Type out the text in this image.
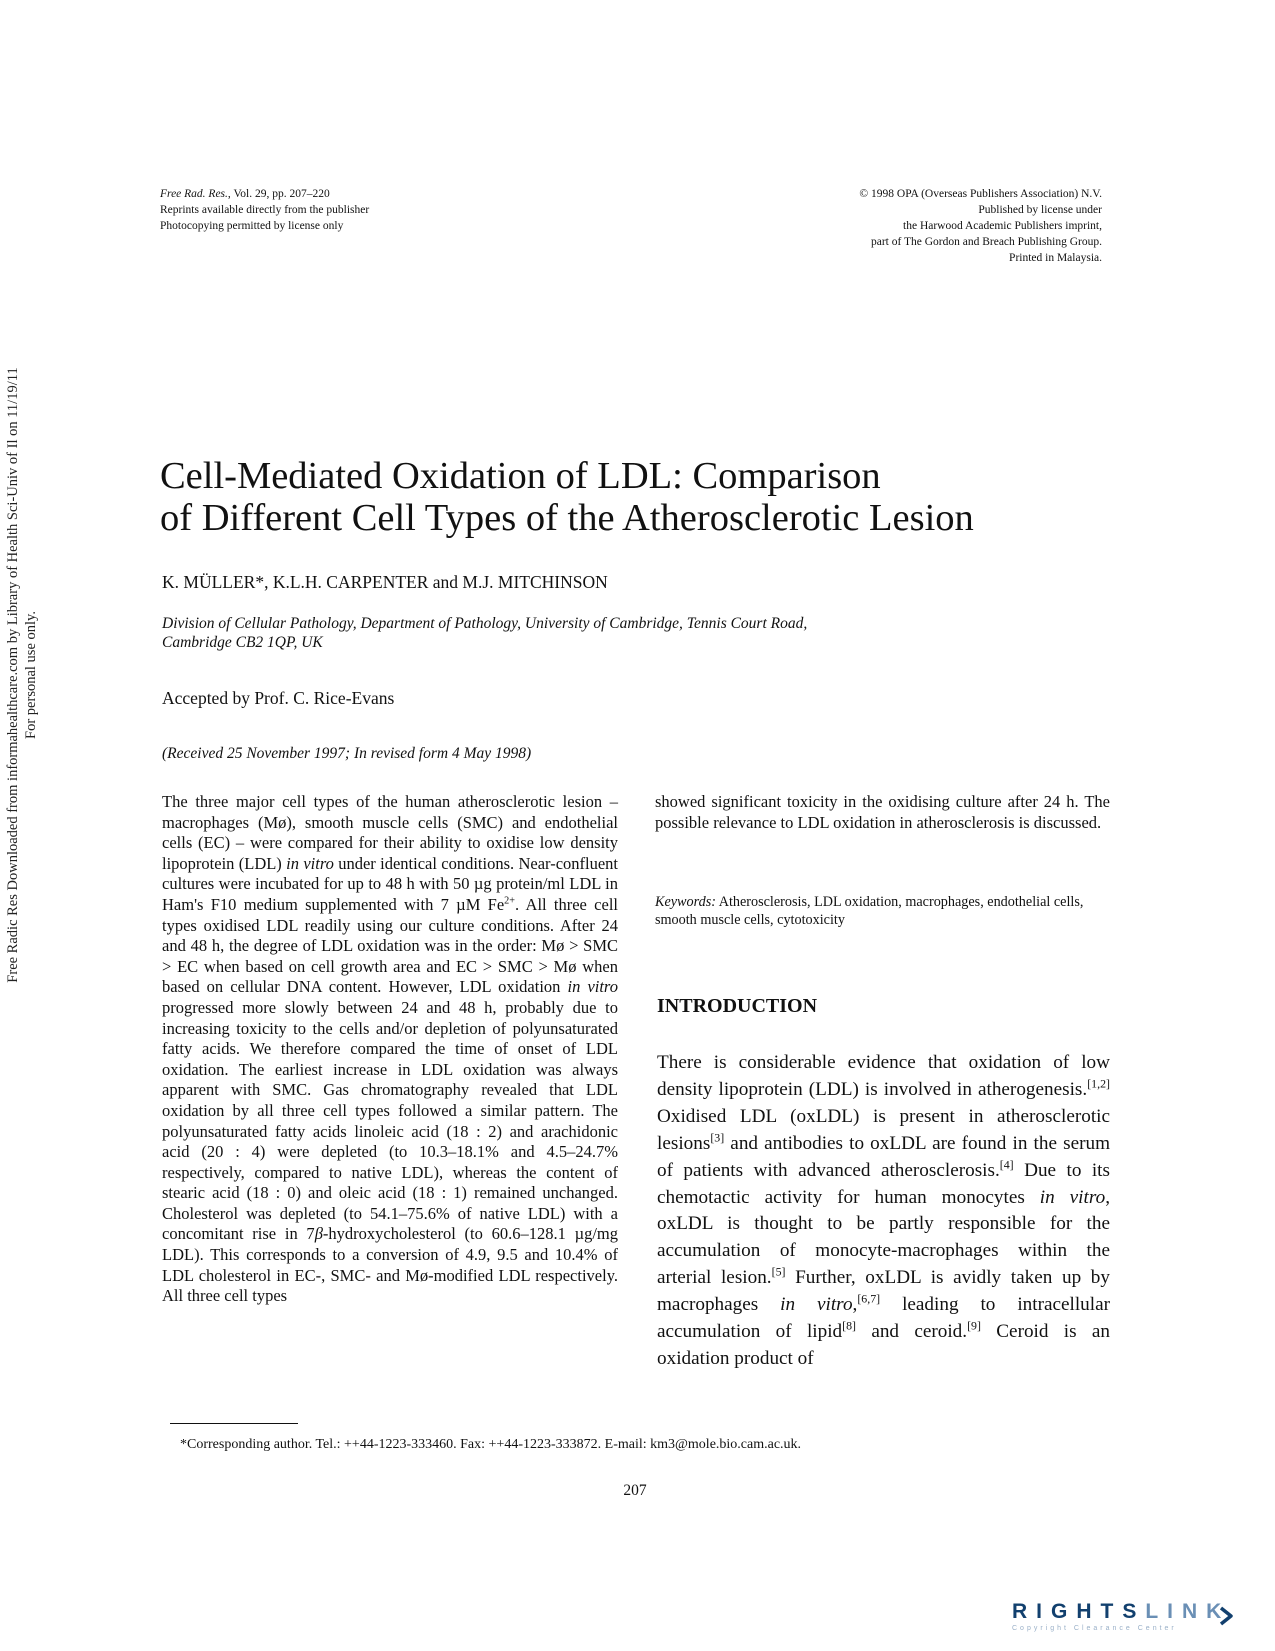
Free Rad. Res., Vol. 29, pp. 207–220
Reprints available directly from the publisher
Photocopying permitted by license only
© 1998 OPA (Overseas Publishers Association) N.V.
Published by license under
the Harwood Academic Publishers imprint,
part of The Gordon and Breach Publishing Group.
Printed in Malaysia.
Free Radic Res Downloaded from informahealthcare.com by Library of Health Sci-Univ of Il on 11/19/11 For personal use only.
Cell-Mediated Oxidation of LDL: Comparison
of Different Cell Types of the Atherosclerotic Lesion
K. MÜLLER*, K.L.H. CARPENTER and M.J. MITCHINSON
Division of Cellular Pathology, Department of Pathology, University of Cambridge, Tennis Court Road,
Cambridge CB2 1QP, UK
Accepted by Prof. C. Rice-Evans
(Received 25 November 1997; In revised form 4 May 1998)

The three major cell types of the human atherosclerotic lesion – macrophages (Mø), smooth muscle cells (SMC) and endothelial cells (EC) – were compared for their ability to oxidise low density lipoprotein (LDL) in vitro under identical conditions. Near-confluent cultures were incubated for up to 48 h with 50 µg protein/ml LDL in Ham's F10 medium supplemented with 7 µM $Fe^{2+}$. All three cell types oxidised LDL readily using our culture conditions. After 24 and 48 h, the degree of LDL oxidation was in the order: Mø > SMC > EC when based on cell growth area and EC > SMC > Mø when based on cellular DNA content. However, LDL oxidation in vitro progressed more slowly between 24 and 48 h, probably due to increasing toxicity to the cells and/or depletion of polyunsaturated fatty acids. We therefore compared the time of onset of LDL oxidation. The earliest increase in LDL oxidation was always apparent with SMC. Gas chromatography revealed that LDL oxidation by all three cell types followed a similar pattern. The polyunsaturated fatty acids linoleic acid (18 : 2) and arachidonic acid (20 : 4) were depleted (to 10.3–18.1% and 4.5–24.7% respectively, compared to native LDL), whereas the content of stearic acid (18 : 0) and oleic acid (18 : 1) remained unchanged. Cholesterol was depleted (to 54.1–75.6% of native LDL) with a concomitant rise in 7β-hydroxycholesterol (to 60.6–128.1 µg/mg LDL). This corresponds to a conversion of 4.9, 9.5 and 10.4% of LDL cholesterol in EC-, SMC- and Mø-modified LDL respectively. All three cell types

showed significant toxicity in the oxidising culture after 24 h. The possible relevance to LDL oxidation in atherosclerosis is discussed.
Keywords: Atherosclerosis, LDL oxidation, macrophages, endothelial cells, smooth muscle cells, cytotoxicity
INTRODUCTION

There is considerable evidence that oxidation of low density lipoprotein (LDL) is involved in atherogenesis.[1,2] Oxidised LDL (oxLDL) is present in atherosclerotic lesions[3] and antibodies to oxLDL are found in the serum of patients with advanced atherosclerosis.[4] Due to its chemotactic activity for human monocytes in vitro, oxLDL is thought to be partly responsible for the accumulation of monocyte-macrophages within the arterial lesion.[5] Further, oxLDL is avidly taken up by macrophages in vitro,[6,7] leading to intracellular accumulation of lipid[8] and ceroid.[9] Ceroid is an oxidation product of

*Corresponding author. Tel.: ++44-1223-333460. Fax: ++44-1223-333872. E-mail: km3@mole.bio.cam.ac.uk.
207
RIGHTSLINK
Copyright Clearance Center
